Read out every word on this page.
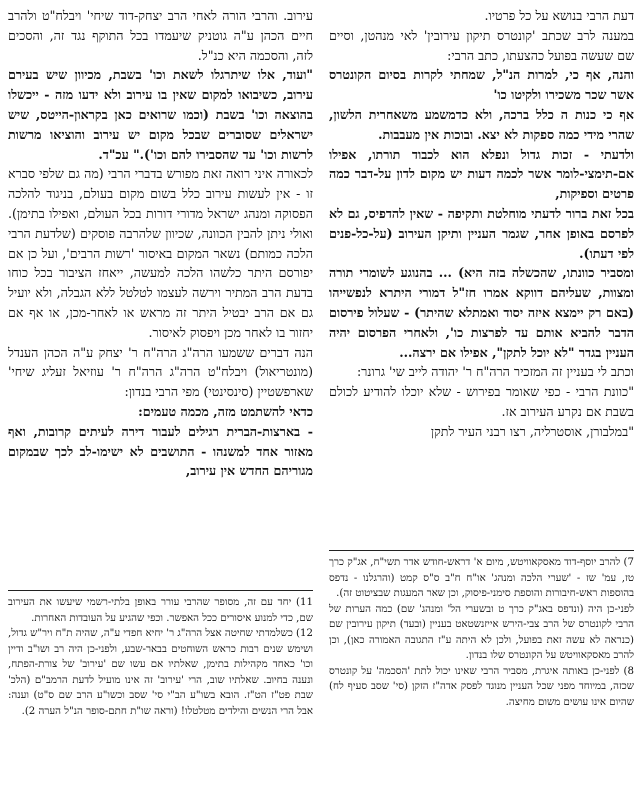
דעת הרבי בנושא על כל פרטיו.

במענה לרב שכתב 'קונטרס תיקון עירובין' לאי מנהטן, וסיים שם שעשה בפועל כהצעתו, כתב הרבי:

והנה, אף כי, למרות הנ"ל, שמחתי לקרות בסיום הקונטרס אשר שכר משכירו ולקיטו כו'

אף כי כנות ה כלל ברכה, ולא כדמשמע משאחרית הלשון, שהרי מידי כמה ספקות לא יצא. ובוכות אין מעבבות.

ולדעתי - זכות גדול ונפלא הוא לכבוד תורתו, אפילו אם-תימצי-לומר אשר לכמה דעות יש מקום לדון על-דבר כמה פרטים וספיקות,

בכל זאת ברור לדעתי מוחלטת ותקיפה - שאין להדפיס, גם לא לפרסם באופן אחר, שגמר העניין ותיקן העירוב (על-כל-פנים לפי דעתו).

ומסביר כוונתו, שהכשלה בזה היא) ... בהנוגע לשומרי תורה ומצוות, שעליהם דווקא אמרו חז"ל דמורי היתרא לנפשייהו (באם רק יימצא איזה יסוד ואמתלא שהיתר) - שעלול פירסום הדבר להביא אותם עד לפרצות כו', ולאחרי הפרסום יהיה העניין בגדר "לא יוכל לתקן", אפילו אם ירצה...

וכתב לי בעניין זה המזכיר הרה"ח ר' יהודה לייב שי' גרונר:

"כוונת הרבי - כפי שאומר בפירוש - שלא יוכלו להודיע לכולם בשבת אם נקרע העירוב אז.

"במלבורן, אוסטרליה, רצו רבני העיר לתקן

7) להרב יוסף-דוד מאסקאוויטש, מיום א' דראש-חודש אדר תשי"ח, אג"ק כרך טז, עמ' שז - 'שערי הלכה ומנהג' או"ח ח"ב ס"ס קמט (והרגלנו - נדפס בהוספות ראש-חיבורות והוספת סימני-פיסוק, וכן שאר המעגות שבציטוט זה).

לפני-כן היה (ונדפס באג"ק כרך ט ובשערי הל' ומנהג' שם) כמה הערות של הרבי לקונטרס של הרב צבי-הירש אייזנשטאט בעניין (ובעד) תיקון עירובין שם (כנראה לא עשה זאת בפועל, ולכן לא היתה ע"ז התגובה האמורה כאן), וכן להרב מאסקאוויטש על הקונטרס שלו בנדון.

8) לפני-כן באותה איגרת, מסביר הרבי שאינו יכול לתת 'הסכמה' על קונטרס שכזה, במיוחד מפני שכל העניין מנוגד לפסק אדה"ז הזקן (סי' שסב סעיף לח) שהיום אינו עושים משום מחיצה.

עירוב. והרבי הורה לאחי הרב יצחק-דוד שיחי' ויבלח"ט ולהרב חיים הכהן ע"ה גוטניק שיעמדו בכל התוקף נגד זה, והסכים לזה, והסכמה היא כנ"ל.

"ועוד, אלו שיתרגלו לשאת וכו' בשבת, מכיוון שיש בעירם עירוב, כשיבואו למקום שאין בו עירוב ולא ידעו מזה - ייכשלו בהוצאה וכו' בשבת (וכמו שרואים כאן בקראון-הייטס, שיש ישראלים שסוברים שבכל מקום יש עירוב והוציאו מרשות לרשות וכו' עד שהסבירו להם וכו')." עכ"ד.

לכאורה איני רואה זאת מפורש בדברי הרבי (מה גם שלפי סברא זו - אין לעשות עירוב כלל בשום מקום בעולם, בניגוד להלכה הפסוקה ומנהג ישראל מדורי דורות בכל העולם, ואפילו בתימן). ואולי ניתן להבין הכוונה, שכיוון שלהרבה פוסקים (שלדעת הרבי הלכה כמותם) נשאר המקום באיסור 'רשות הרבים', ועל כן אם יפורסם היתר כלשהו הלכה למעשה, ייאחז הציבור בכל כוחו בדעת הרב המתיר וירשה לעצמו לטלטל ללא הגבלה, ולא יועיל גם אם הרב יבטיל היתר זה מראש או לאחר-מכן, או אף אם יחזור בו לאחר מכן ויפסוק לאיסור.

הנה דברים ששמעו הרה"ג הרה"ח ר' יצחק ע"ה הכהן הענדל (מונטריאול) ויבלח"ט הרה"ג הרה"ח ר' עוזיאל זעליג שיחי' שארפשטיין (סינסינטי) מפי הרבי בנדון:

כדאי להשתמט מזה, מכמה טעמים:

- בארצות-הברית רגילים לעבור דירה לעיתים קרובות, ואף מאזור אחד למשנהו - התושבים לא ישימו-לב לכך שבמקום מגוריהם החדש אין עירוב,

11) יחד עם זה, מסופר שהרבי עורר באופן בלתי-רשמי שיעשו את העירוב שם, כדי למנוע איסורים ככל האפשר. וכפי שהגיע על העובדות האחרות.

12) כשלמדתי שחיטה אצל הרה"ג ר' יחיא חפדי ע"ה, שהיה ת"ח ויר"ש גדול, ושימש שנים רבות כראש השוחטים בבאר-שבע, ולפני-כן היה רב ושו"ב ודיין וכו' כאחד מקהילות בתימן, שאלתיו אם עשו שם 'עירוב' של צורת-הפתח, ונענה בחיוב. שאלתיו שוב, הרי 'עירוב' זה אינו מועיל לדעת הרמב"ם (הלכ' שבת פט"ז הט"ז. הובא בשו"ע הב"י סי' שסב וכשו"ע הרב שם ס"ט) וענה: אבל הרי הנשים והילדים מטלטלו! (וראה שו"ת חתם-סופר הנ"ל הערה 2).
